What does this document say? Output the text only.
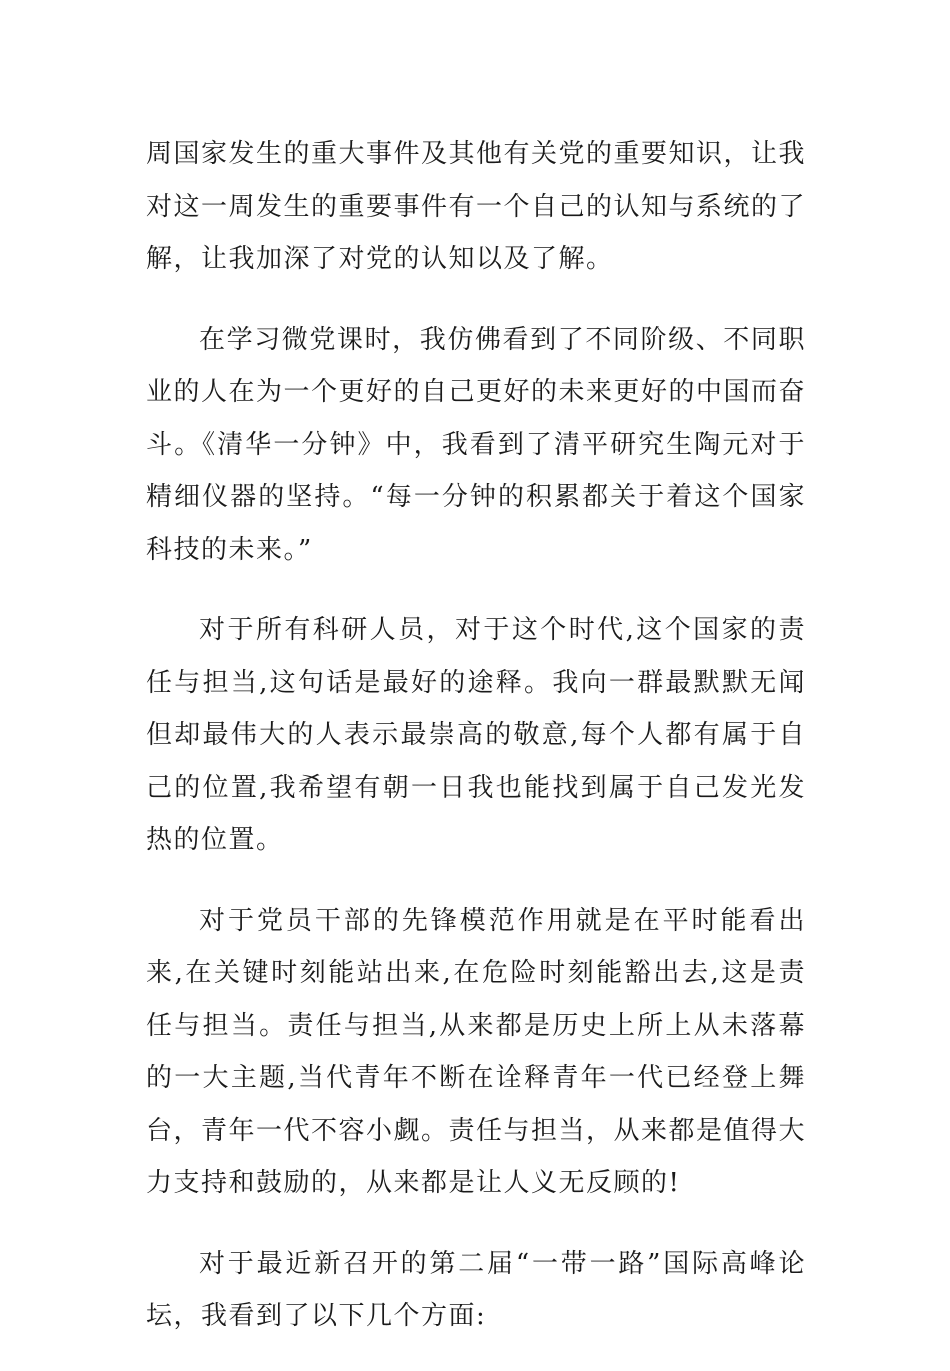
周国家发生的重大事件及其他有关党的重要知识，让我对这一周发生的重要事件有一个自己的认知与系统的了解，让我加深了对党的认知以及了解。

在学习微党课时，我仿佛看到了不同阶级、不同职业的人在为一个更好的自己更好的未来更好的中国而奋斗。《清华一分钟》中，我看到了清平研究生陶元对于精细仪器的坚持。“每一分钟的积累都关于着这个国家科技的未来。”

对于所有科研人员，对于这个时代,这个国家的责任与担当,这句话是最好的途释。我向一群最默默无闻但却最伟大的人表示最崇高的敬意,每个人都有属于自己的位置,我希望有朝一日我也能找到属于自己发光发热的位置。

对于党员干部的先锋模范作用就是在平时能看出来,在关键时刻能站出来,在危险时刻能豁出去,这是责任与担当。责任与担当,从来都是历史上所上从未落幕的一大主题,当代青年不断在诠释青年一代已经登上舞台，青年一代不容小觑。责任与担当，从来都是值得大力支持和鼓励的，从来都是让人义无反顾的!

对于最近新召开的第二届“一带一路”国际高峰论坛，我看到了以下几个方面:
